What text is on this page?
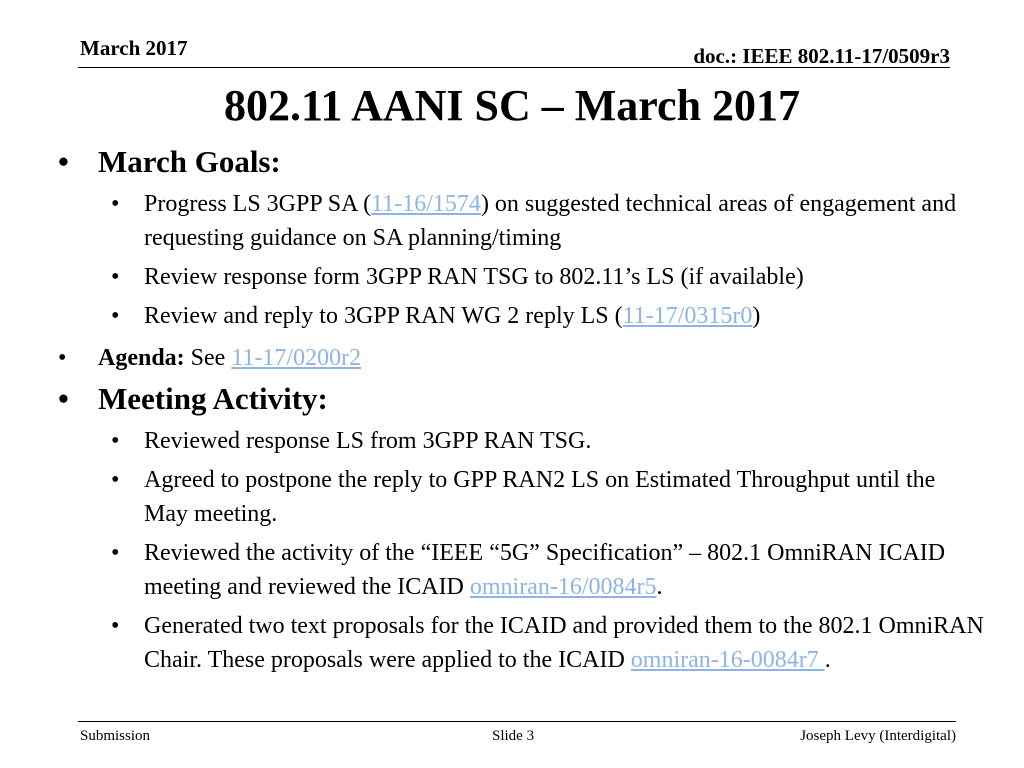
March 2017	doc.: IEEE 802.11-17/0509r3
802.11 AANI SC – March 2017
• March Goals:
• Progress LS 3GPP SA (11-16/1574) on suggested technical areas of engagement and requesting guidance on SA planning/timing
• Review response form 3GPP RAN TSG to 802.11’s LS (if available)
• Review and reply to 3GPP RAN WG 2 reply LS (11-17/0315r0)
• Agenda: See 11-17/0200r2
• Meeting Activity:
• Reviewed response LS from 3GPP RAN TSG.
• Agreed to postpone the reply to GPP RAN2 LS on Estimated Throughput until the May meeting.
• Reviewed the activity of the “IEEE “5G” Specification” – 802.1 OmniRAN ICAID meeting and reviewed the ICAID omniran-16/0084r5.
• Generated two text proposals for the ICAID and provided them to the 802.1 OmniRAN Chair. These proposals were applied to the ICAID omniran-16-0084r7 .
Submission	Slide 3	Joseph Levy (Interdigital)
